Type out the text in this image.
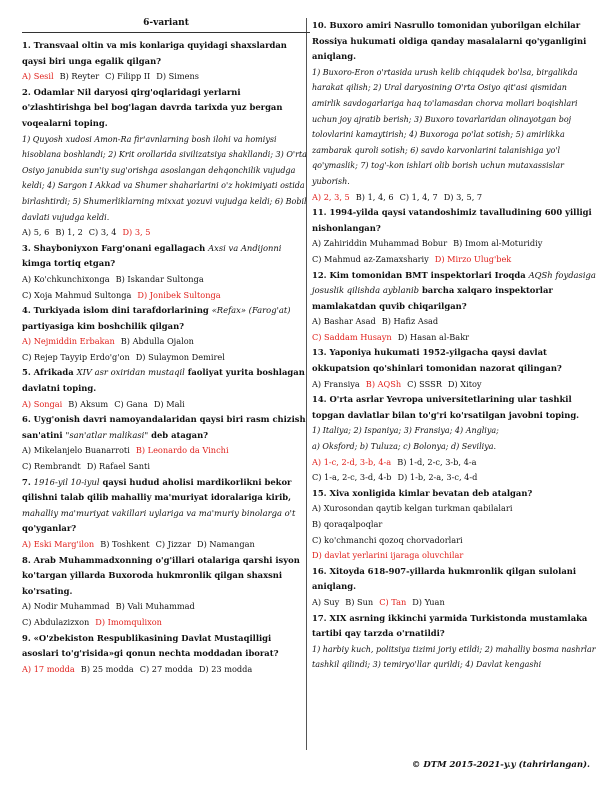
6-variant

1. Transvaal oltin va mis konlariga quyidagi shaxslardan qaysi biri unga egalik qilgan?

A) Sesil B) Reyter C) Filipp II D) Simens

2. Odamlar Nil daryosi qirg'oqlaridagi yerlarni o'zlashtirishga bel bog'lagan davrda tarixda yuz bergan voqealarni toping.

1) Quyosh xudosi Amon-Ra fir'avnlarning bosh ilohi va homiysi hisoblana boshlandi; 2) Krit orollarida sivilizatsiya shakllandi; 3) O'rta Osiyo janubida sun'iy sug'orishga asoslangan dehqonchilik vujudga keldi; 4) Sargon I Akkad va Shumer shaharlarini o'z hokimiyati ostida birlashtirdi; 5) Shumerliklarning mixxat yozuvi vujudga keldi; 6) Bobil davlati vujudga keldi.

A) 5, 6 B) 1, 2 C) 3, 4 D) 3, 5

3. Shayboniyxon Farg'onani egallagach Axsi va Andijonni kimga tortiq etgan?

A) Ko'chkunchixonga B) Iskandar Sultonga

C) Xoja Mahmud Sultonga D) Jonibek Sultonga

4. Turkiyada islom dini tarafdorlarining «Refax» (Farog'at) partiyasiga kim boshchilik qilgan?

A) Nejmiddin Erbakan B) Abdulla Ojalon

C) Rejep Tayyip Erdo'g'on D) Sulaymon Demirel

5. Afrikada XIV asr oxiridan mustaqil faoliyat yurita boshlagan davlatni toping.

A) Songai B) Aksum C) Gana D) Mali

6. Uyg'onish davri namoyandalaridan qaysi biri rasm chizish san'atini "san'atlar malikasi" deb atagan?

A) Mikelanjelo Buanarroti B) Leonardo da Vinchi

C) Rembrandt D) Rafael Santi

7. 1916-yil 10-iyul qaysi hudud aholisi mardikorlikni bekor qilishni talab qilib mahalliy ma'muriyat idoralariga kirib, mahalliy ma'muriyat vakillari uylariga va ma'muriy binolarga o't qo'yganlar?

A) Eski Marg'ilon B) Toshkent C) Jizzar D) Namangan

8. Arab Muhammadxonning o'g'illari otalariga qarshi isyon ko'targan yillarda Buxoroda hukmronlik qilgan shaxsni ko'rsating.

A) Nodir Muhammad B) Vali Muhammad

C) Abdulazizxon D) Imomqulixon

9. «O'zbekiston Respublikasining Davlat Mustaqilligi asoslari to'g'risida»gi qonun nechta moddadan iborat?

A) 17 modda B) 25 modda C) 27 modda D) 23 modda

10. Buxoro amiri Nasrullo tomonidan yuborilgan elchilar Rossiya hukumati oldiga qanday masalalarni qo'yganligini aniqlang.

1) Buxoro-Eron o'rtasida urush kelib chiqqudek bo'lsa, birgalikda harakat qilish; 2) Ural daryosining O'rta Osiyo qit'asi qismidan amirlik savdogarlariga haq to'lamasdan chorva mollari boqishlari uchun joy ajratib berish; 3) Buxoro tovarlaridan olinayotgan boj tolovlarini kamaytirish; 4) Buxoroga po'lat sotish; 5) amirlikka zambarak quroli sotish; 6) savdo karvonlarini talanishiga yo'l qo'ymaslik; 7) tog'-kon ishlari olib borish uchun mutaxassislar yuborish.

A) 2, 3, 5 B) 1, 4, 6 C) 1, 4, 7 D) 3, 5, 7

11. 1994-yilda qaysi vatandoshimiz tavalludining 600 yilligi nishonlangan?

A) Zahiriddin Muhammad Bobur B) Imom al-Moturidiy

C) Mahmud az-Zamaxshariy D) Mirzo Ulug'bek

12. Kim tomonidan BMT inspektorlari Iroqda AQSh foydasiga josuslik qilishda ayblanib barcha xalqaro inspektorlar mamlakatdan quvib chiqarilgan?

A) Bashar Asad B) Hafiz Asad

C) Saddam Husayn D) Hasan al-Bakr

13. Yaponiya hukumati 1952-yilgacha qaysi davlat okkupatsion qo'shinlari tomonidan nazorat qilingan?

A) Fransiya B) AQSh C) SSSR D) Xitoy

14. O'rta asrlar Yevropa universitetlarining ular tashkil topgan davlatlar bilan to'g'ri ko'rsatilgan javobni toping.

1) Italiya; 2) Ispaniya; 3) Fransiya; 4) Angliya;

a) Oksford; b) Tuluza; c) Bolonya; d) Seviliya.

A) 1-c, 2-d, 3-b, 4-a B) 1-d, 2-c, 3-b, 4-a

C) 1-a, 2-c, 3-d, 4-b D) 1-b, 2-a, 3-c, 4-d

15. Xiva xonligida kimlar bevatan deb atalgan?

A) Xurosondan qaytib kelgan turkman qabilalari

B) qoraqalpoqlar

C) ko'chmanchi qozoq chorvadorlari

D) davlat yerlarini ijaraga oluvchilar

16. Xitoyda 618-907-yillarda hukmronlik qilgan sulolani aniqlang.

A) Suy B) Sun C) Tan D) Yuan

17. XIX asrning ikkinchi yarmida Turkistonda mustamlaka tartibi qay tarzda o'rnatildi?

1) harbiy kuch, politsiya tizimi joriy etildi; 2) mahalliy bosma nashrlar tashkil qilindi; 3) temiryo'llar qurildi; 4) Davlat kengashi

© DTM 2015-2021-y.y (tahrirlangan).
